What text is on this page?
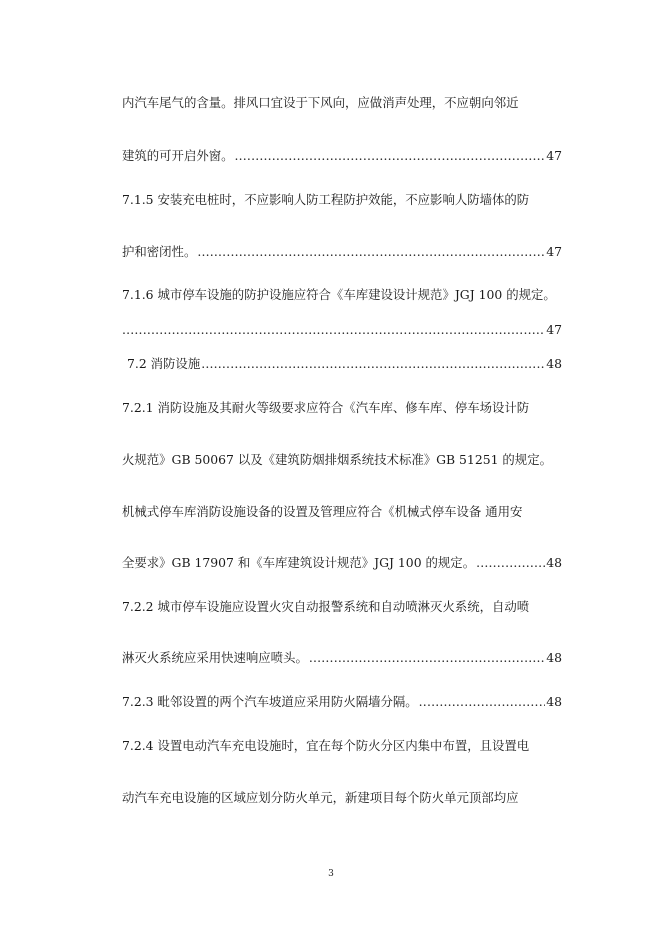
内汽车尾气的含量。排风口宜设于下风向，应做消声处理，不应朝向邻近
建筑的可开启外窗。 .....	47
7.1.5 安装充电桩时，不应影响人防工程防护效能，不应影响人防墙体的防
护和密闭性。 .....	47
7.1.6 城市停车设施的防护设施应符合《车库建设设计规范》JGJ 100 的规定。
.....
47
7.2 消防设施 .....	48
7.2.1 消防设施及其耐火等级要求应符合《汽车库、修车库、停车场设计防
火规范》GB 50067 以及《建筑防烟排烟系统技术标准》GB 51251 的规定。
机械式停车库消防设施设备的设置及管理应符合《机械式停车设备 通用安
全要求》GB 17907 和《车库建筑设计规范》JGJ 100 的规定。 .....	48
7.2.2 城市停车设施应设置火灾自动报警系统和自动喷淋灭火系统，自动喷
淋灭火系统应采用快速响应喷头。 .....	48
7.2.3 毗邻设置的两个汽车坡道应采用防火隔墙分隔。 .....	48
7.2.4 设置电动汽车充电设施时，宜在每个防火分区内集中布置，且设置电
动汽车充电设施的区域应划分防火单元，新建项目每个防火单元顶部均应
3
